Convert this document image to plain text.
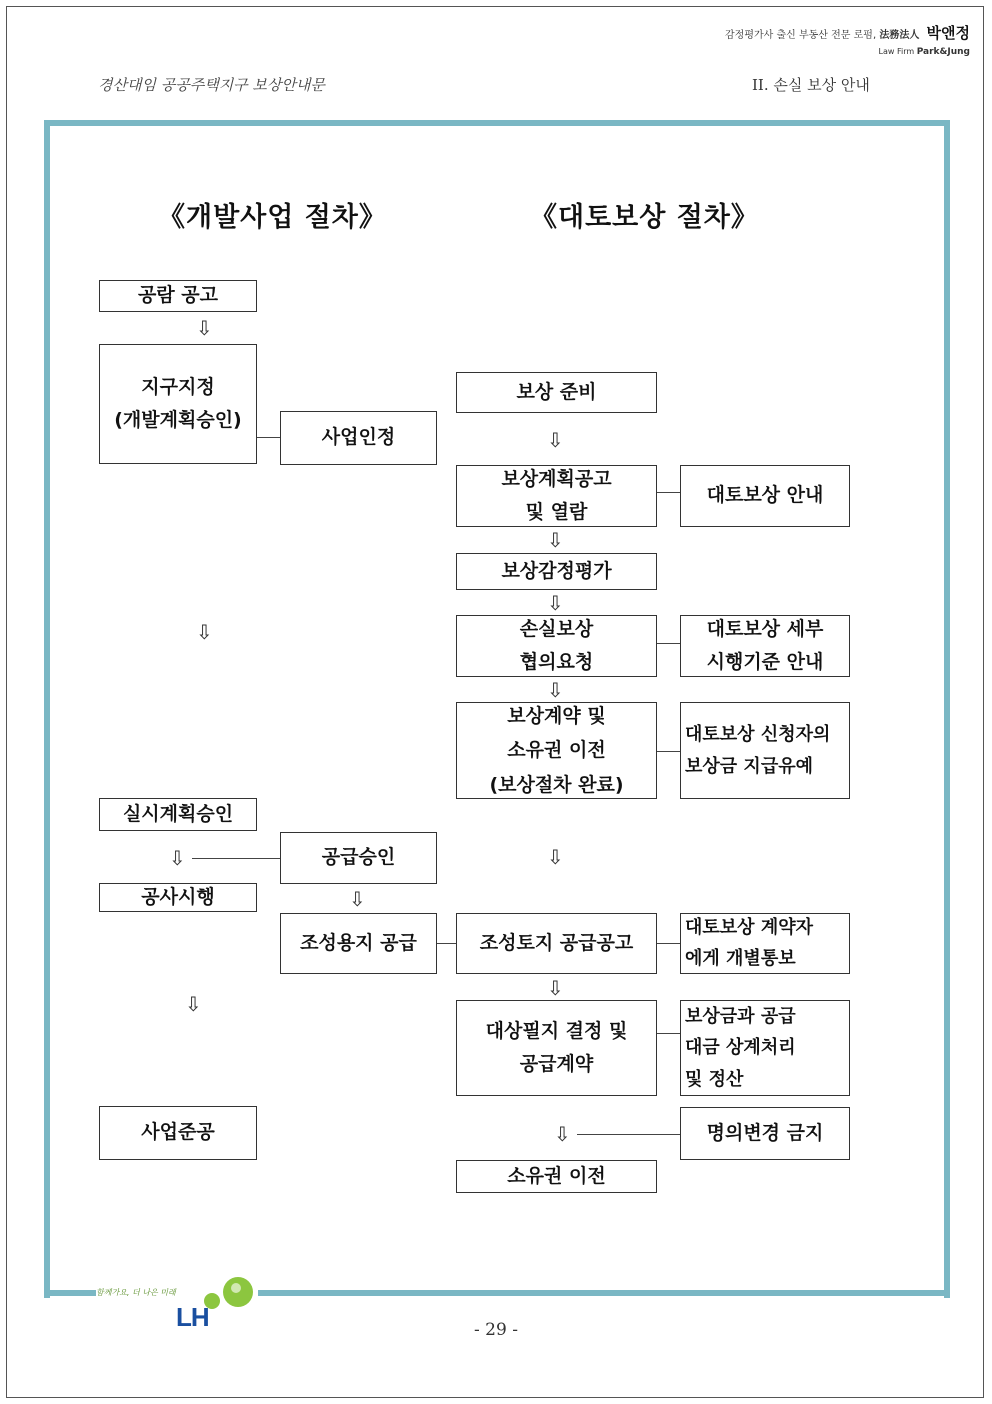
감정평가사 출신 부동산 전문 로펌, 法務法人 박앤정
Law Firm Park&Jung
경산대임 공공주택지구 보상안내문	II. 손실 보상 안내
《개발사업 절차》	《대토보상 절차》
공람 공고
⇩
지구지정
(개발계획승인)
사업인정
⇩
실시계획승인
⇩	공급승인
공사시행	⇩
조성용지 공급
⇩
사업준공
보상 준비
⇩
보상계획공고
및 열람
⇩
보상감정평가
⇩
손실보상
협의요청
⇩
보상계약 및
소유권 이전
(보상절차 완료)
⇩
조성토지 공급공고
⇩
대상필지 결정 및
공급계약
⇩
소유권 이전
대토보상 안내
대토보상 세부
시행기준 안내
대토보상 신청자의
보상금 지급유예
대토보상 계약자
에게 개별통보
보상금과 공급
대금 상계처리
및 정산
명의변경 금지
함께가요, 더 나은 미래
LH	- 29 -
